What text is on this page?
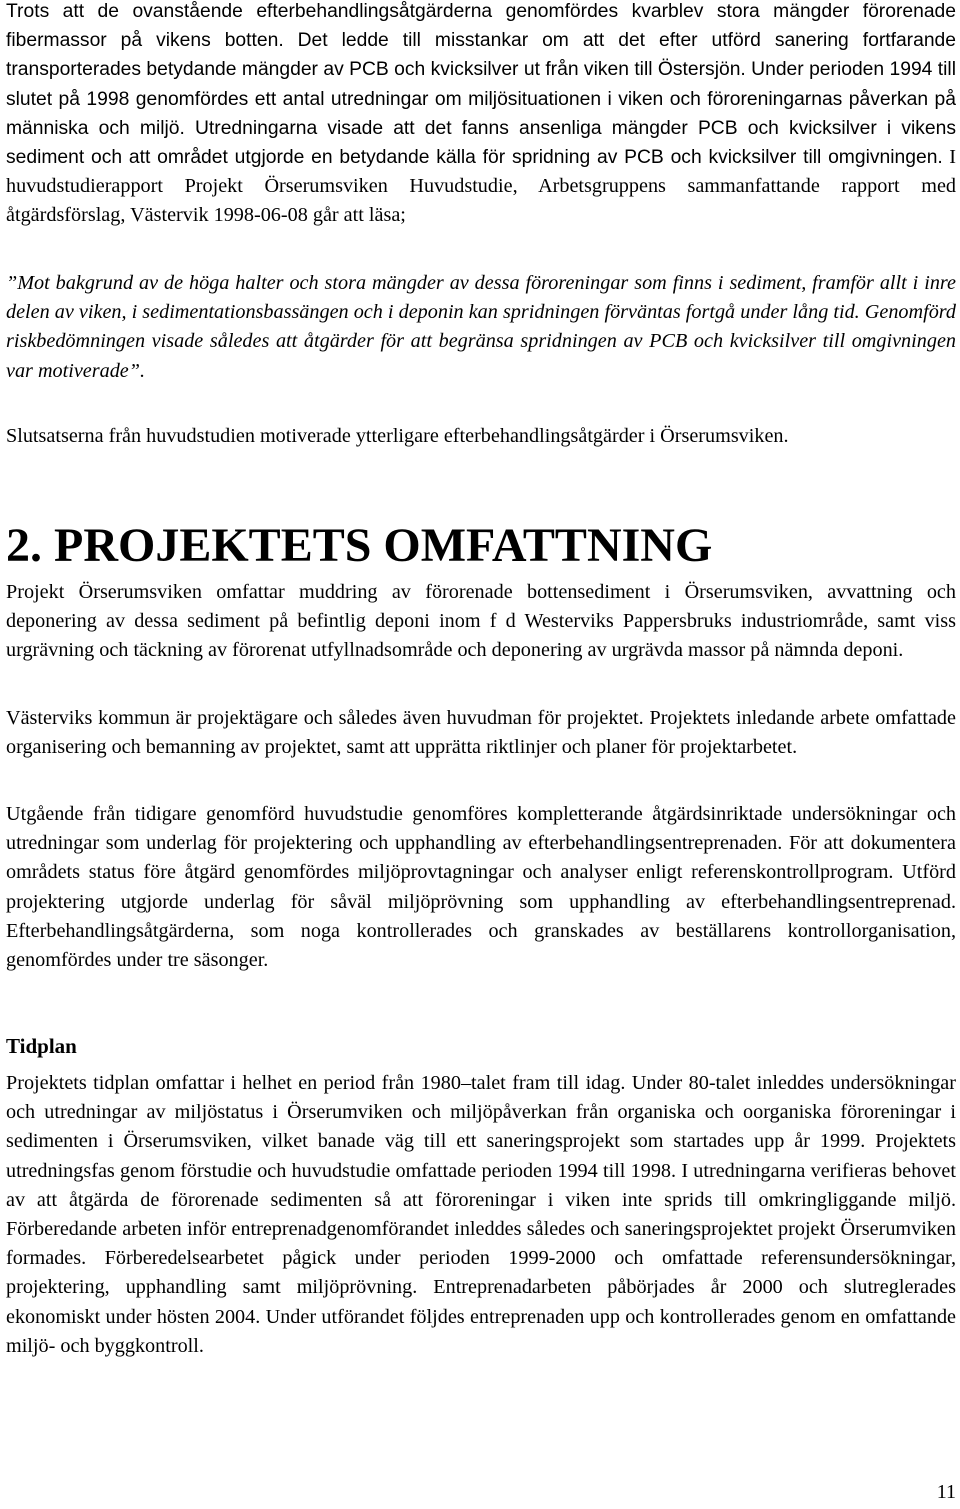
Trots att de ovanstående efterbehandlingsåtgärderna genomfördes kvarblev stora mängder förorenade fibermassor på vikens botten. Det ledde till misstankar om att det efter utförd sanering fortfarande transporterades betydande mängder av PCB och kvicksilver ut från viken till Östersjön. Under perioden 1994 till slutet på 1998 genomfördes ett antal utredningar om miljösituationen i viken och föroreningarnas påverkan på människa och miljö. Utredningarna visade att det fanns ansenliga mängder PCB och kvicksilver i vikens sediment och att området utgjorde en betydande källa för spridning av PCB och kvicksilver till omgivningen. I huvudstudierapport Projekt Örserumsviken Huvudstudie, Arbetsgruppens sammanfattande rapport med åtgärdsförslag, Västervik 1998-06-08 går att läsa;

”Mot bakgrund av de höga halter och stora mängder av dessa föroreningar som finns i sediment, framför allt i inre delen av viken, i sedimentationsbassängen och i deponin kan spridningen förväntas fortgå under lång tid. Genomförd riskbedömningen visade således att åtgärder för att begränsa spridningen av PCB och kvicksilver till omgivningen var motiverade”.

Slutsatserna från huvudstudien motiverade ytterligare efterbehandlingsåtgärder i Örserumsviken.

2. PROJEKTETS OMFATTNING

Projekt Örserumsviken omfattar muddring av förorenade bottensediment i Örserumsviken, avvattning och deponering av dessa sediment på befintlig deponi inom f d Westerviks Pappersbruks industriområde, samt viss urgrävning och täckning av förorenat utfyllnadsområde och deponering av urgrävda massor på nämnda deponi.

Västerviks kommun är projektägare och således även huvudman för projektet. Projektets inledande arbete omfattade organisering och bemanning av projektet, samt att upprätta riktlinjer och planer för projektarbetet.

Utgående från tidigare genomförd huvudstudie genomföres kompletterande åtgärdsinriktade undersökningar och utredningar som underlag för projektering och upphandling av efterbehandlingsentreprenaden. För att dokumentera områdets status före åtgärd genomfördes miljöprovtagningar och analyser enligt referenskontrollprogram. Utförd projektering utgjorde underlag för såväl miljöprövning som upphandling av efterbehandlingsentreprenad. Efterbehandlingsåtgärderna, som noga kontrollerades och granskades av beställarens kontrollorganisation, genomfördes under tre säsonger.

Tidplan

Projektets tidplan omfattar i helhet en period från 1980–talet fram till idag. Under 80-talet inleddes undersökningar och utredningar av miljöstatus i Örserumviken och miljöpåverkan från organiska och oorganiska föroreningar i sedimenten i Örserumsviken, vilket banade väg till ett saneringsprojekt som startades upp år 1999. Projektets utredningsfas genom förstudie och huvudstudie omfattade perioden 1994 till 1998. I utredningarna verifieras behovet av att åtgärda de förorenade sedimenten så att föroreningar i viken inte sprids till omkringliggande miljö. Förberedande arbeten inför entreprenadgenomförandet inleddes således och saneringsprojektet projekt Örserumviken formades. Förberedelsearbetet pågick under perioden 1999-2000 och omfattade referensundersökningar, projektering, upphandling samt miljöprövning. Entreprenadarbeten påbörjades år 2000 och slutreglerades ekonomiskt under hösten 2004. Under utförandet följdes entreprenaden upp och kontrollerades genom en omfattande miljö- och byggkontroll.

11
